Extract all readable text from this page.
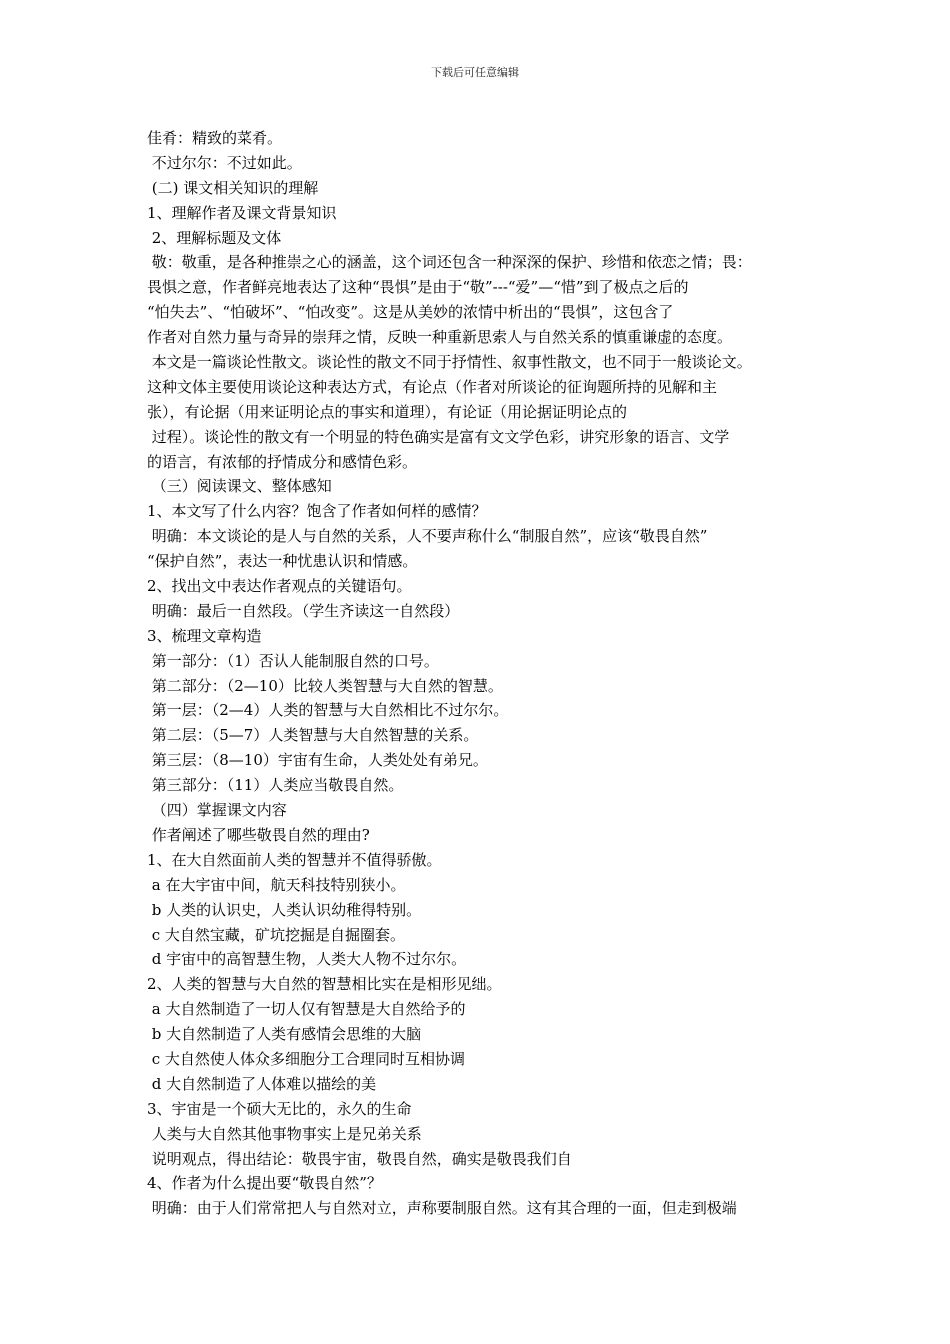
下载后可任意编辑
佳肴：精致的菜肴。
不过尔尔：不过如此。
(二) 课文相关知识的理解
1、理解作者及课文背景知识
2、理解标题及文体
敬：敬重，是各种推崇之心的涵盖，这个词还包含一种深深的保护、珍惜和依恋之情；畏：
畏惧之意，作者鲜亮地表达了这种“畏惧”是由于“敬”---“爱”—“惜”到了极点之后的
“怕失去”、“怕破坏”、“怕改变”。这是从美妙的浓情中析出的“畏惧”，这包含了
作者对自然力量与奇异的崇拜之情，反映一种重新思索人与自然关系的慎重谦虚的态度。
本文是一篇谈论性散文。谈论性的散文不同于抒情性、叙事性散文，也不同于一般谈论文。
这种文体主要使用谈论这种表达方式，有论点（作者对所谈论的征询题所持的见解和主
张），有论据（用来证明论点的事实和道理），有论证（用论据证明论点的
过程）。谈论性的散文有一个明显的特色确实是富有文文学色彩，讲究形象的语言、文学
的语言，有浓郁的抒情成分和感情色彩。
（三）阅读课文、整体感知
1、本文写了什么内容？饱含了作者如何样的感情？
明确：本文谈论的是人与自然的关系，人不要声称什么“制服自然”，应该“敬畏自然”
“保护自然”，表达一种忧患认识和情感。
2、找出文中表达作者观点的关键语句。
明确：最后一自然段。（学生齐读这一自然段）
3、梳理文章构造
第一部分：（1）否认人能制服自然的口号。
第二部分：（2—10）比较人类智慧与大自然的智慧。
第一层：（2—4）人类的智慧与大自然相比不过尔尔。
第二层：（5—7）人类智慧与大自然智慧的关系。
第三层：（8—10）宇宙有生命，人类处处有弟兄。
第三部分：（11）人类应当敬畏自然。
（四）掌握课文内容
作者阐述了哪些敬畏自然的理由?
1、在大自然面前人类的智慧并不值得骄傲。
a 在大宇宙中间，航天科技特别狭小。
b 人类的认识史，人类认识幼稚得特别。
c 大自然宝藏，矿坑挖掘是自掘圈套。
d 宇宙中的高智慧生物，人类大人物不过尔尔。
2、人类的智慧与大自然的智慧相比实在是相形见绌。
a 大自然制造了一切人仅有智慧是大自然给予的
b 大自然制造了人类有感情会思维的大脑
c 大自然使人体众多细胞分工合理同时互相协调
d 大自然制造了人体难以描绘的美
3、宇宙是一个硕大无比的，永久的生命
人类与大自然其他事物事实上是兄弟关系
说明观点，得出结论：敬畏宇宙，敬畏自然，确实是敬畏我们自
4、作者为什么提出要“敬畏自然”？
明确：由于人们常常把人与自然对立，声称要制服自然。这有其合理的一面，但走到极端
